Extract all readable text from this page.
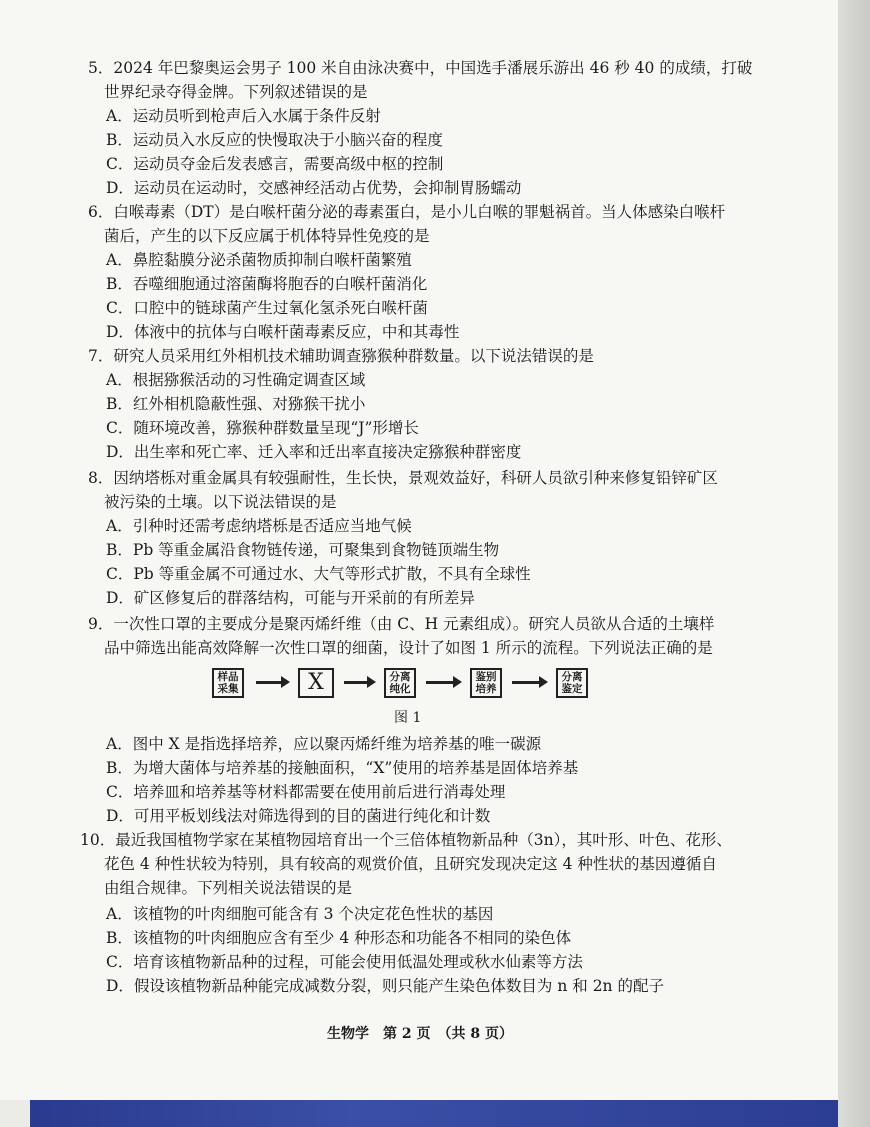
5．2024 年巴黎奥运会男子 100 米自由泳决赛中，中国选手潘展乐游出 46 秒 40 的成绩，打破
世界纪录夺得金牌。下列叙述错误的是
A．运动员听到枪声后入水属于条件反射
B．运动员入水反应的快慢取决于小脑兴奋的程度
C．运动员夺金后发表感言，需要高级中枢的控制
D．运动员在运动时，交感神经活动占优势，会抑制胃肠蠕动
6．白喉毒素（DT）是白喉杆菌分泌的毒素蛋白，是小儿白喉的罪魁祸首。当人体感染白喉杆
菌后，产生的以下反应属于机体特异性免疫的是
A．鼻腔黏膜分泌杀菌物质抑制白喉杆菌繁殖
B．吞噬细胞通过溶菌酶将胞吞的白喉杆菌消化
C．口腔中的链球菌产生过氧化氢杀死白喉杆菌
D．体液中的抗体与白喉杆菌毒素反应，中和其毒性
7．研究人员采用红外相机技术辅助调查猕猴种群数量。以下说法错误的是
A．根据猕猴活动的习性确定调查区域
B．红外相机隐蔽性强、对猕猴干扰小
C．随环境改善，猕猴种群数量呈现“J”形增长
D．出生率和死亡率、迁入率和迁出率直接决定猕猴种群密度
8．因纳塔栎对重金属具有较强耐性，生长快，景观效益好，科研人员欲引种来修复铅锌矿区
被污染的土壤。以下说法错误的是
A．引种时还需考虑纳塔栎是否适应当地气候
B．Pb 等重金属沿食物链传递，可聚集到食物链顶端生物
C．Pb 等重金属不可通过水、大气等形式扩散，不具有全球性
D．矿区修复后的群落结构，可能与开采前的有所差异
9．一次性口罩的主要成分是聚丙烯纤维（由 C、H 元素组成）。研究人员欲从合适的土壤样
品中筛选出能高效降解一次性口罩的细菌，设计了如图 1 所示的流程。下列说法正确的是
样品
采集	X	分离
纯化
鉴别
培养
分离
鉴定
图 1
A．图中 X 是指选择培养，应以聚丙烯纤维为培养基的唯一碳源
B．为增大菌体与培养基的接触面积，“X”使用的培养基是固体培养基
C．培养皿和培养基等材料都需要在使用前后进行消毒处理
D．可用平板划线法对筛选得到的目的菌进行纯化和计数
10．最近我国植物学家在某植物园培育出一个三倍体植物新品种（3n），其叶形、叶色、花形、
花色 4 种性状较为特别，具有较高的观赏价值，且研究发现决定这 4 种性状的基因遵循自
由组合规律。下列相关说法错误的是
A．该植物的叶肉细胞可能含有 3 个决定花色性状的基因
B．该植物的叶肉细胞应含有至少 4 种形态和功能各不相同的染色体
C．培育该植物新品种的过程，可能会使用低温处理或秋水仙素等方法
D．假设该植物新品种能完成减数分裂，则只能产生染色体数目为 n 和 2n 的配子
生物学　第 2 页　（共 8 页）
